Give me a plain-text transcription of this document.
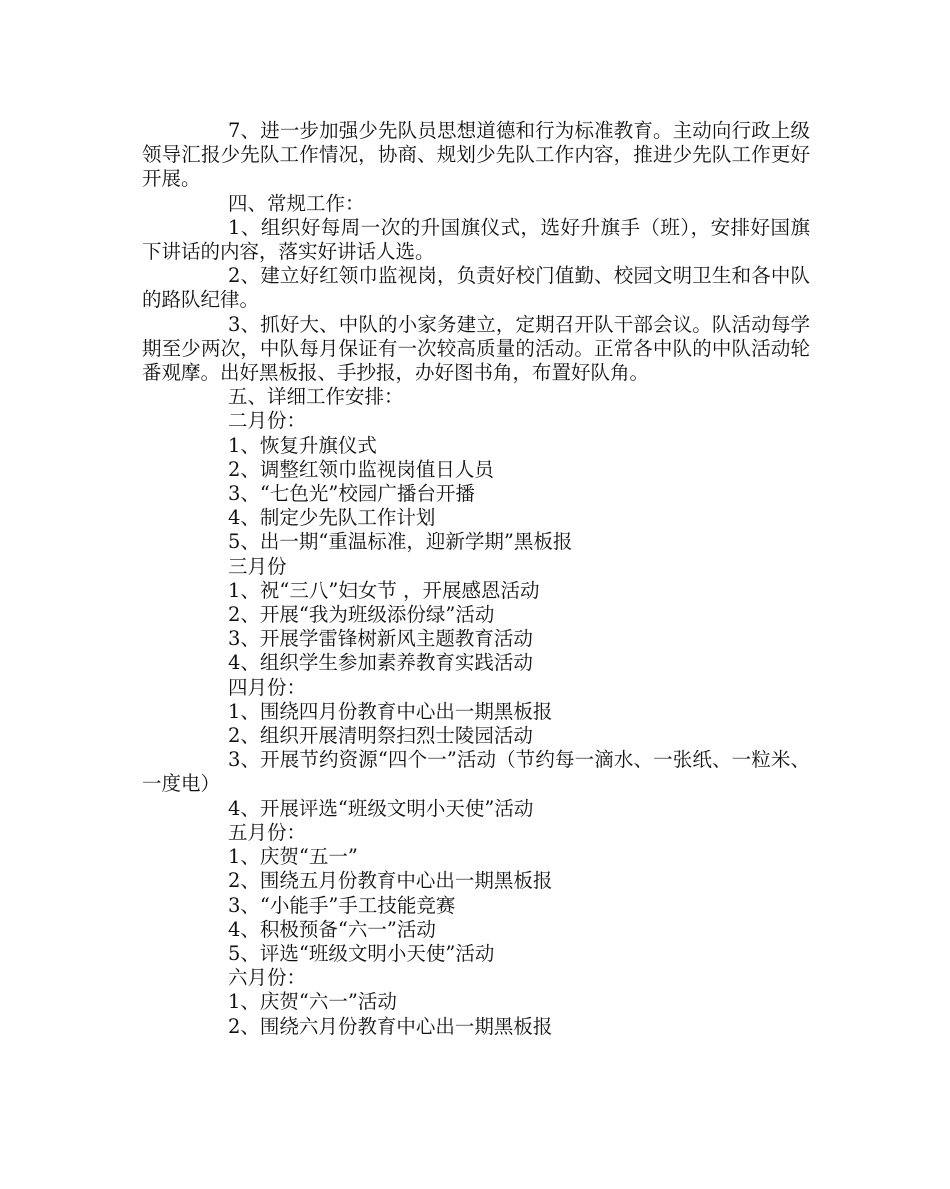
7、进一步加强少先队员思想道德和行为标准教育。主动向行政上级领导汇报少先队工作情况，协商、规划少先队工作内容，推进少先队工作更好开展。

四、常规工作：

1、组织好每周一次的升国旗仪式，选好升旗手（班），安排好国旗下讲话的内容，落实好讲话人选。

2、建立好红领巾监视岗，负责好校门值勤、校园文明卫生和各中队的路队纪律。

3、抓好大、中队的小家务建立，定期召开队干部会议。队活动每学期至少两次，中队每月保证有一次较高质量的活动。正常各中队的中队活动轮番观摩。出好黑板报、手抄报，办好图书角，布置好队角。

五、详细工作安排：

二月份：

1、恢复升旗仪式

2、调整红领巾监视岗值日人员

3、“七色光”校园广播台开播

4、制定少先队工作计划

5、出一期“重温标准，迎新学期”黑板报

三月份

1、祝“三八”妇女节 ，开展感恩活动

2、开展“我为班级添份绿”活动

3、开展学雷锋树新风主题教育活动

4、组织学生参加素养教育实践活动

四月份：

1、围绕四月份教育中心出一期黑板报

2、组织开展清明祭扫烈士陵园活动

3、开展节约资源“四个一”活动（节约每一滴水、一张纸、一粒米、一度电）

4、开展评选“班级文明小天使”活动

五月份：

1、庆贺“五一”

2、围绕五月份教育中心出一期黑板报

3、“小能手”手工技能竞赛

4、积极预备“六一”活动

5、评选“班级文明小天使”活动

六月份：

1、庆贺“六一”活动

2、围绕六月份教育中心出一期黑板报
